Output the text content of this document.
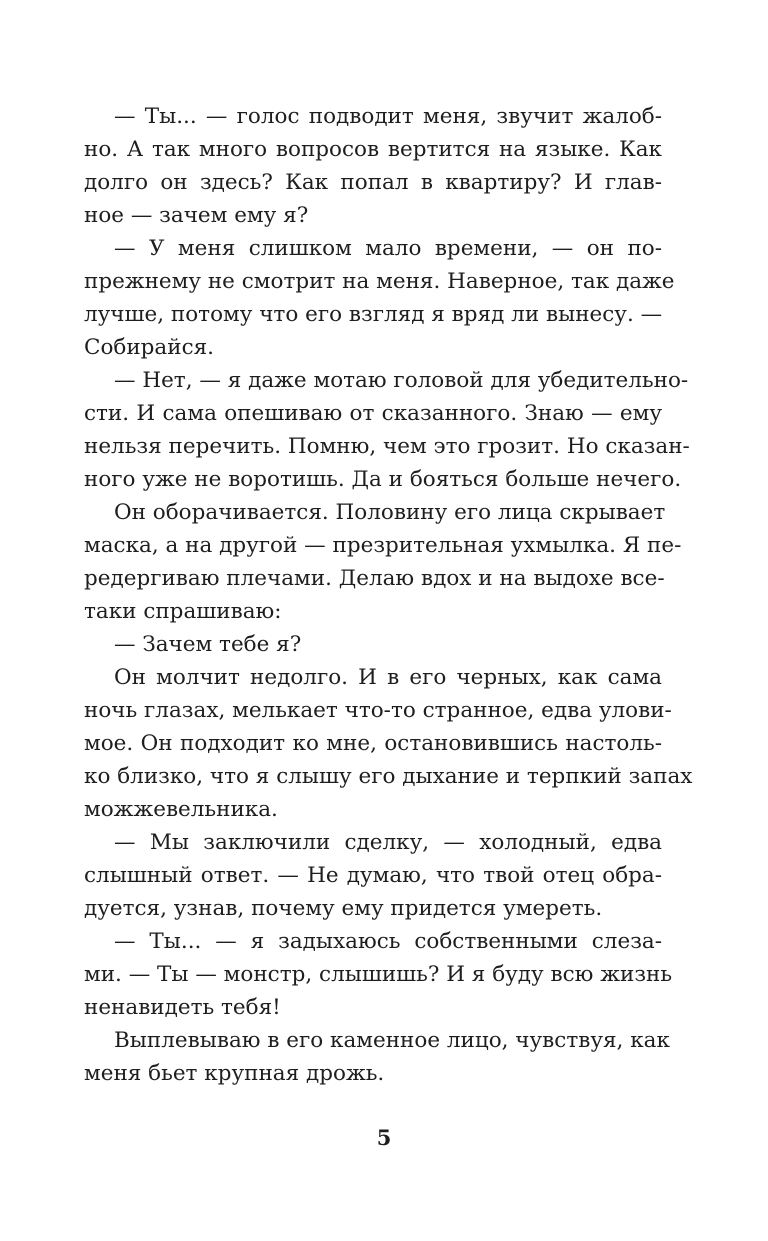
— Ты... — голос подводит меня, звучит жалоб-
но. А так много вопросов вертится на языке. Как
долго он здесь? Как попал в квартиру? И глав-
ное — зачем ему я?
— У меня слишком мало времени, — он по-
прежнему не смотрит на меня. Наверное, так даже
лучше, потому что его взгляд я вряд ли вынесу. —
Собирайся.
— Нет, — я даже мотаю головой для убедительно-
сти. И сама опешиваю от сказанного. Знаю — ему
нельзя перечить. Помню, чем это грозит. Но сказан-
ного уже не воротишь. Да и бояться больше нечего.
Он оборачивается. Половину его лица скрывает
маска, а на другой — презрительная ухмылка. Я пе-
редергиваю плечами. Делаю вдох и на выдохе все-
таки спрашиваю:
— Зачем тебе я?
Он молчит недолго. И в его черных, как сама
ночь глазах, мелькает что-то странное, едва улови-
мое. Он подходит ко мне, остановившись настоль-
ко близко, что я слышу его дыхание и терпкий запах
можжевельника.
— Мы заключили сделку, — холодный, едва
слышный ответ. — Не думаю, что твой отец обра-
дуется, узнав, почему ему придется умереть.
— Ты... — я задыхаюсь собственными слеза-
ми. — Ты — монстр, слышишь? И я буду всю жизнь
ненавидеть тебя!
Выплевываю в его каменное лицо, чувствуя, как
меня бьет крупная дрожь.
5
